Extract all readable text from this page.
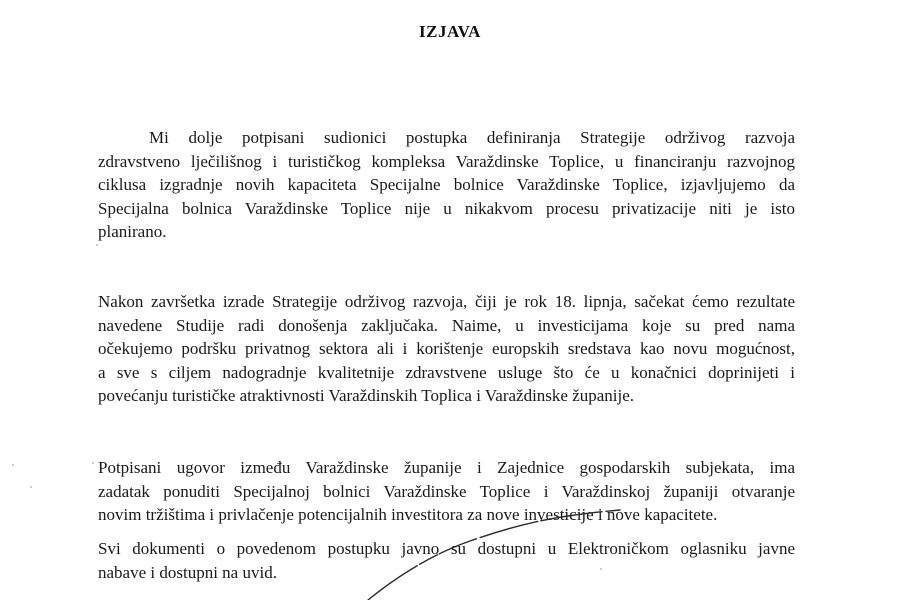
IZJAVA
Mi dolje potpisani sudionici postupka definiranja Strategije održivog razvoja
zdravstveno lječilišnog i turističkog kompleksa Varaždinske Toplice, u financiranju razvojnog
ciklusa izgradnje novih kapaciteta Specijalne bolnice Varaždinske Toplice, izjavljujemo da
Specijalna bolnica Varaždinske Toplice nije u nikakvom procesu privatizacije niti je isto
planirano.
Nakon završetka izrade Strategije održivog razvoja, čiji je rok 18. lipnja, sačekat ćemo rezultate
navedene Studije radi donošenja zaključaka. Naime, u investicijama koje su pred nama
očekujemo podršku privatnog sektora ali i korištenje europskih sredstava kao novu mogućnost,
a sve s ciljem nadogradnje kvalitetnije zdravstvene usluge što će u konačnici doprinijeti i
povećanju turističke atraktivnosti Varaždinskih Toplica i Varaždinske županije.
Potpisani ugovor između Varaždinske županije i Zajednice gospodarskih subjekata, ima
zadatak ponuditi Specijalnoj bolnici Varaždinske Toplice i Varaždinskoj županiji otvaranje
novim tržištima i privlačenje potencijalnih investitora za nove investicije i nove kapacitete.
Svi dokumenti o povedenom postupku javno su dostupni u Elektroničkom oglasniku javne
nabave i dostupni na uvid.
